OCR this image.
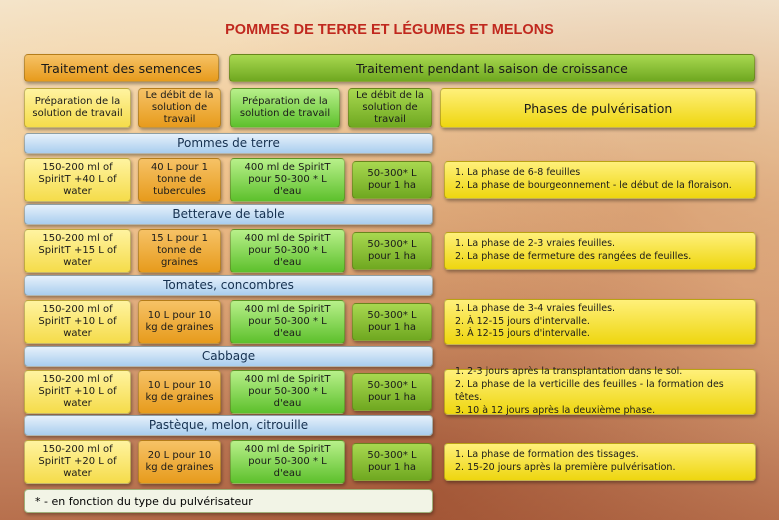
POMMES DE TERRE ET LÉGUMES ET MELONS
Traitement des semences	Traitement pendant la saison de croissance
Préparation de la solution de travail
Le débit de la solution de travail
Préparation de la solution de travail
Le débit de la solution de travail
Phases de pulvérisation
Pommes de terre
150-200 ml of SpiritT +40 L of water
40 L pour 1 tonne de tubercules
400 ml de SpiritT pour 50-300 * L d'eau
50-300* L pour 1 ha
1. La phase de 6-8 feuilles
2. La phase de bourgeonnement - le début de la floraison.
Betterave de table
150-200 ml of SpiritT +15 L of water
15 L pour 1 tonne de graines
400 ml de SpiritT pour 50-300 * L d'eau
50-300* L pour 1 ha
1. La phase de 2-3 vraies feuilles.
2. La phase de fermeture des rangées de feuilles.
Tomates, concombres
150-200 ml of SpiritT +10 L of water
10 L pour 10 kg de graines
400 ml de SpiritT pour 50-300 * L d'eau
50-300* L pour 1 ha
1. La phase de 3-4 vraies feuilles.
2. À 12-15 jours d'intervalle.
3. À 12-15 jours d'intervalle.
Cabbage
150-200 ml of SpiritT +10 L of water
10 L pour 10 kg de graines
400 ml de SpiritT pour 50-300 * L d'eau
50-300* L pour 1 ha
1. 2-3 jours après la transplantation dans le sol.
2. La phase de la verticille des feuilles - la formation des têtes.
3. 10 à 12 jours après la deuxième phase.
Pastèque, melon, citrouille
150-200 ml of SpiritT +20 L of water
20 L pour 10 kg de graines
400 ml de SpiritT pour 50-300 * L d'eau
50-300* L pour 1 ha
1. La phase de formation des tissages.
2. 15-20 jours après la première pulvérisation.
* - en fonction du type du pulvérisateur
